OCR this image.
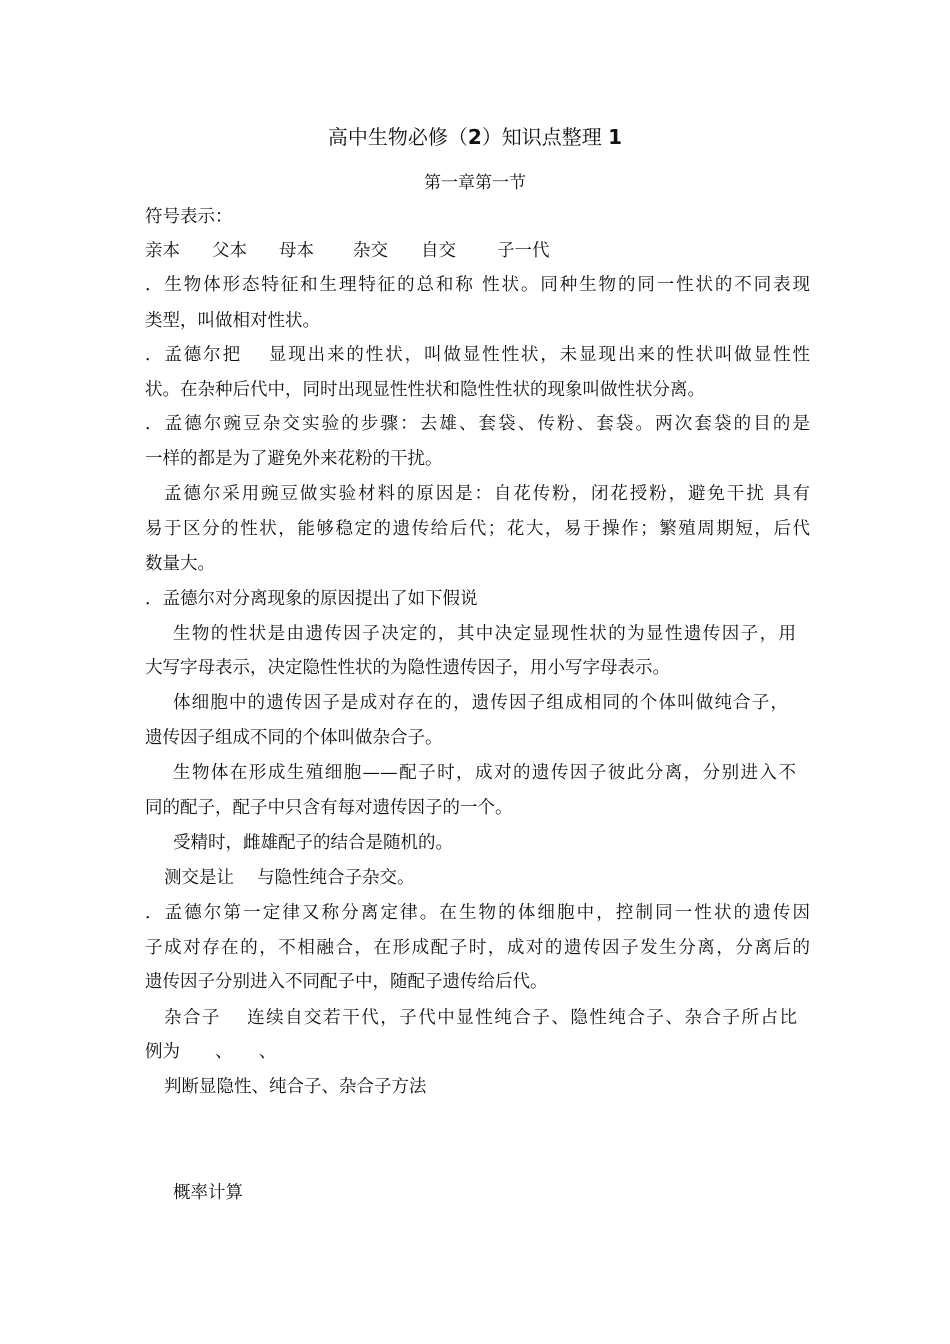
高中生物必修（2）知识点整理 1
第一章第一节
符号表示：
亲本 父本 母本 杂交 自交 子一代
．生物体形态特征和生理特征的总和称 性状。同种生物的同一性状的不同表现
类型，叫做相对性状。
．孟德尔把　 显现出来的性状，叫做显性性状，未显现出来的性状叫做显性性
状。在杂种后代中，同时出现显性性状和隐性性状的现象叫做性状分离。
．孟德尔豌豆杂交实验的步骤：去雄、套袋、传粉、套袋。两次套袋的目的是
一样的都是为了避免外来花粉的干扰。
孟德尔采用豌豆做实验材料的原因是：自花传粉，闭花授粉，避免干扰 具有
易于区分的性状，能够稳定的遗传给后代；花大，易于操作；繁殖周期短，后代
数量大。
．孟德尔对分离现象的原因提出了如下假说
生物的性状是由遗传因子决定的，其中决定显现性状的为显性遗传因子，用
大写字母表示，决定隐性性状的为隐性遗传因子，用小写字母表示。
体细胞中的遗传因子是成对存在的，遗传因子组成相同的个体叫做纯合子，
遗传因子组成不同的个体叫做杂合子。
生物体在形成生殖细胞——配子时，成对的遗传因子彼此分离，分别进入不
同的配子，配子中只含有每对遗传因子的一个。
受精时，雌雄配子的结合是随机的。
测交是让　 与隐性纯合子杂交。
．孟德尔第一定律又称分离定律。在生物的体细胞中，控制同一性状的遗传因
子成对存在的，不相融合，在形成配子时，成对的遗传因子发生分离，分离后的
遗传因子分别进入不同配子中，随配子遗传给后代。
杂合子　 连续自交若干代，子代中显性纯合子、隐性纯合子、杂合子所占比
例为　　、　　、
判断显隐性、纯合子、杂合子方法
概率计算
